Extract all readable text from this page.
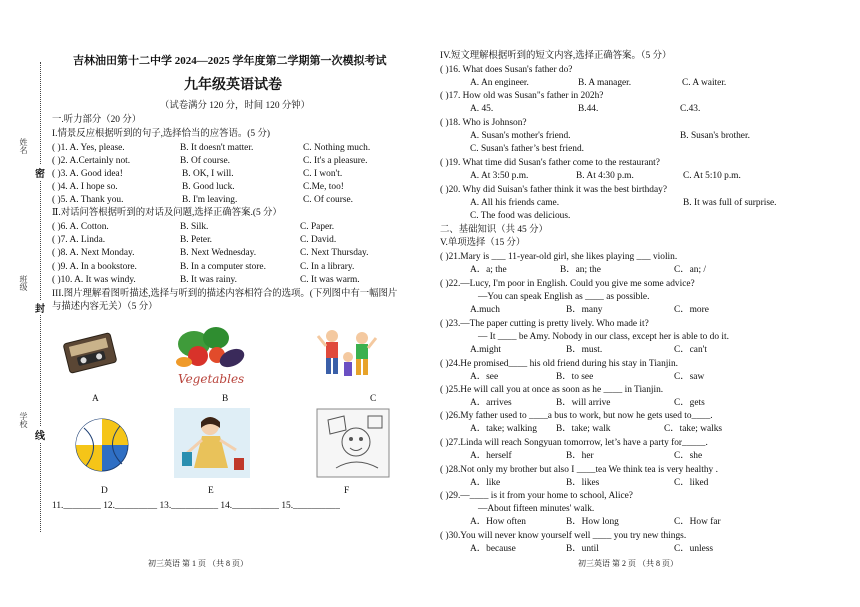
姓名
班级
学校
密
封
线
吉林油田第十二中学 2024—2025 学年度第二学期第一次模拟考试
九年级英语试卷
（试卷满分 120 分，时间 120 分钟）
一.听力部分（20 分）
I.情景反应根据听到的句子,选择恰当的应答语。(5 分)
( )1. A. Yes, please.	B. It doesn't matter.	C. Nothing much.
( )2. A.Certainly not.	B. Of course.	C. It's a pleasure.
( )3. A. Good idea!	B. OK, I will.	C. I won't.
( )4. A. I hope so.	B. Good luck.	C.Me, too!
( )5. A. Thank you.	B. I'm leaving.	C. Of course.
Ⅱ.对话问答根据听到的对话及问题,选择正确答案.(5 分）
( )6. A. Cotton.	B. Silk.	C. Paper.
( )7. A. Linda.	B. Peter.	C. David.
( )8. A. Next Monday.	B. Next Wednesday.	C. Next Thursday.
( )9. A. In a bookstore.	B. In a computer store.	C. In a library.
( )10. A. It was windy.	B. It was rainy.	C. It was warm.
III.图片理解看图听描述,选择与听到的描述内容相符合的选项。(下列图中有一幅图片
与描述内容无关）（5 分）
A
Vegetables
B	C
D	E	F
11.________ 12._________ 13.__________ 14.__________ 15.__________
初三英语 第 1 页 （共 8 页）
IV.短文理解根据听到的短文内容,选择正确答案。（5 分）
( )16. What does Susan's father do?
A. An engineer.	B. A manager.	C. A waiter.
( )17. How old was Susan"s father in 202h?
A. 45.	B.44.	C.43.
( )18. Who is Johnson?
A. Susan's mother's friend.	B. Susan's brother.
C. Susan's father’s best friend.
( )19. What time did Susan's father come to the restaurant?
A. At 3:50 p.m.	B. At 4:30 p.m.	C. At 5:10 p.m.
( )20. Why did Suisan's father think it was the best birthday?
A. All his friends came.	B. It was full of surprise.
C. The food was delicious.
二、基础知识（共 45 分）
V.单项选择（15 分）
( )21.Mary is ___ 11-year-old girl, she likes playing ___ violin.
A．a; the	B．an; the	C．an; /
( )22.—Lucy, I'm poor in English. Could you give me some advice?
—You can speak English as ____ as possible.
A.much	B．many	C．more
( )23.—The paper cutting is pretty lively. Who made it?
— It ____ be Amy. Nobody in our class, except her is able to do it.
A.might	B．must.	C．can't
( )24.He promised____ his old friend during his stay in Tianjin.
A．see	B．to see	C．saw
( )25.He will call you at once as soon as he ____ in Tianjin.
A．arrives	B．will arrive	C．gets
( )26.My father used to ____a bus to work, but now he gets used to____.
A．take; walking B．take; walk	C．take; walks
( )27.Linda will reach Songyuan tomorrow, let’s have a party for_____.
A．herself	B．her	C．she
( )28.Not only my brother but also I ____tea We think tea is very healthy .
A．like	B．likes	C．liked
( )29.—____ is it from your home to school, Alice?
—About fifteen minutes' walk.
A．How often	B．How long	C．How far
( )30.You will never know yourself well ____ you try new things.
A．because	B．until	C．unless
初三英语 第 2 页 （共 8 页）
